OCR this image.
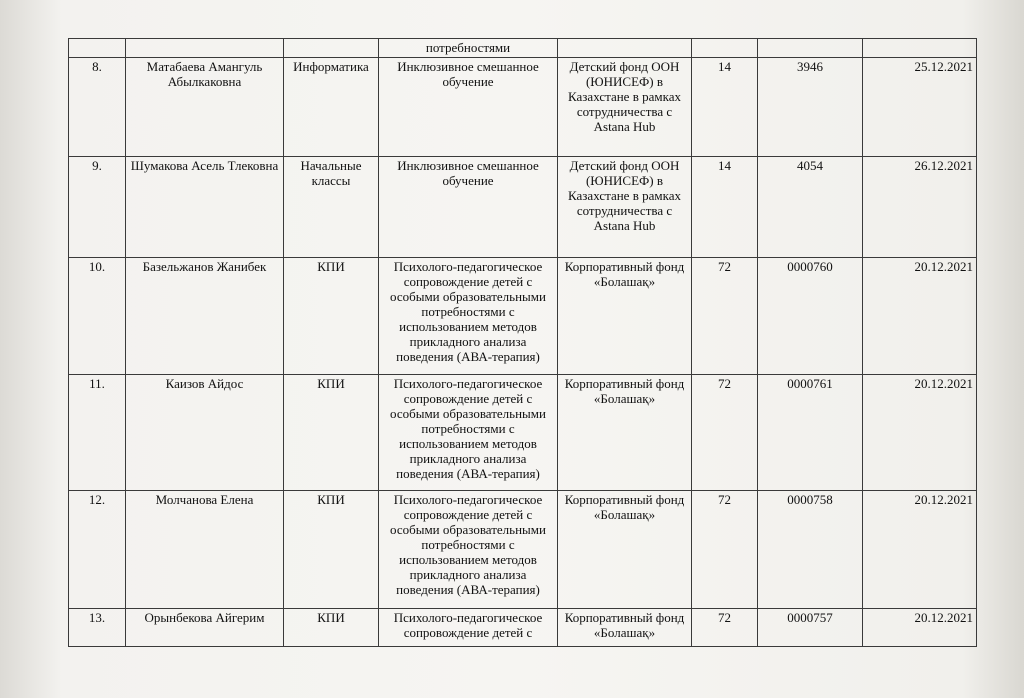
			потребностями				
8.	Матабаева Амангуль Абылкаковна	Информатика	Инклюзивное смешанное обучение	Детский фонд ООН (ЮНИСЕФ) в Казахстане в рамках сотрудничества с Astana Hub	14	3946	25.12.2021
9.	Шумакова Асель Тлековна	Начальные классы	Инклюзивное смешанное обучение	Детский фонд ООН (ЮНИСЕФ) в Казахстане в рамках сотрудничества с Astana Hub	14	4054	26.12.2021
10.	Базельжанов Жанибек	КПИ	Психолого-педагогическое сопровождение детей с особыми образовательными потребностями с использованием методов прикладного анализа поведения (АВА-терапия)	Корпоративный фонд «Болашақ»	72	0000760	20.12.2021
11.	Каизов Айдос	КПИ	Психолого-педагогическое сопровождение детей с особыми образовательными потребностями с использованием методов прикладного анализа поведения (АВА-терапия)	Корпоративный фонд «Болашақ»	72	0000761	20.12.2021
12.	Молчанова Елена	КПИ	Психолого-педагогическое сопровождение детей с особыми образовательными потребностями с использованием методов прикладного анализа поведения (АВА-терапия)	Корпоративный фонд «Болашақ»	72	0000758	20.12.2021
13.	Орынбекова Айгерим	КПИ	Психолого-педагогическое сопровождение детей с	Корпоративный фонд «Болашақ»	72	0000757	20.12.2021
